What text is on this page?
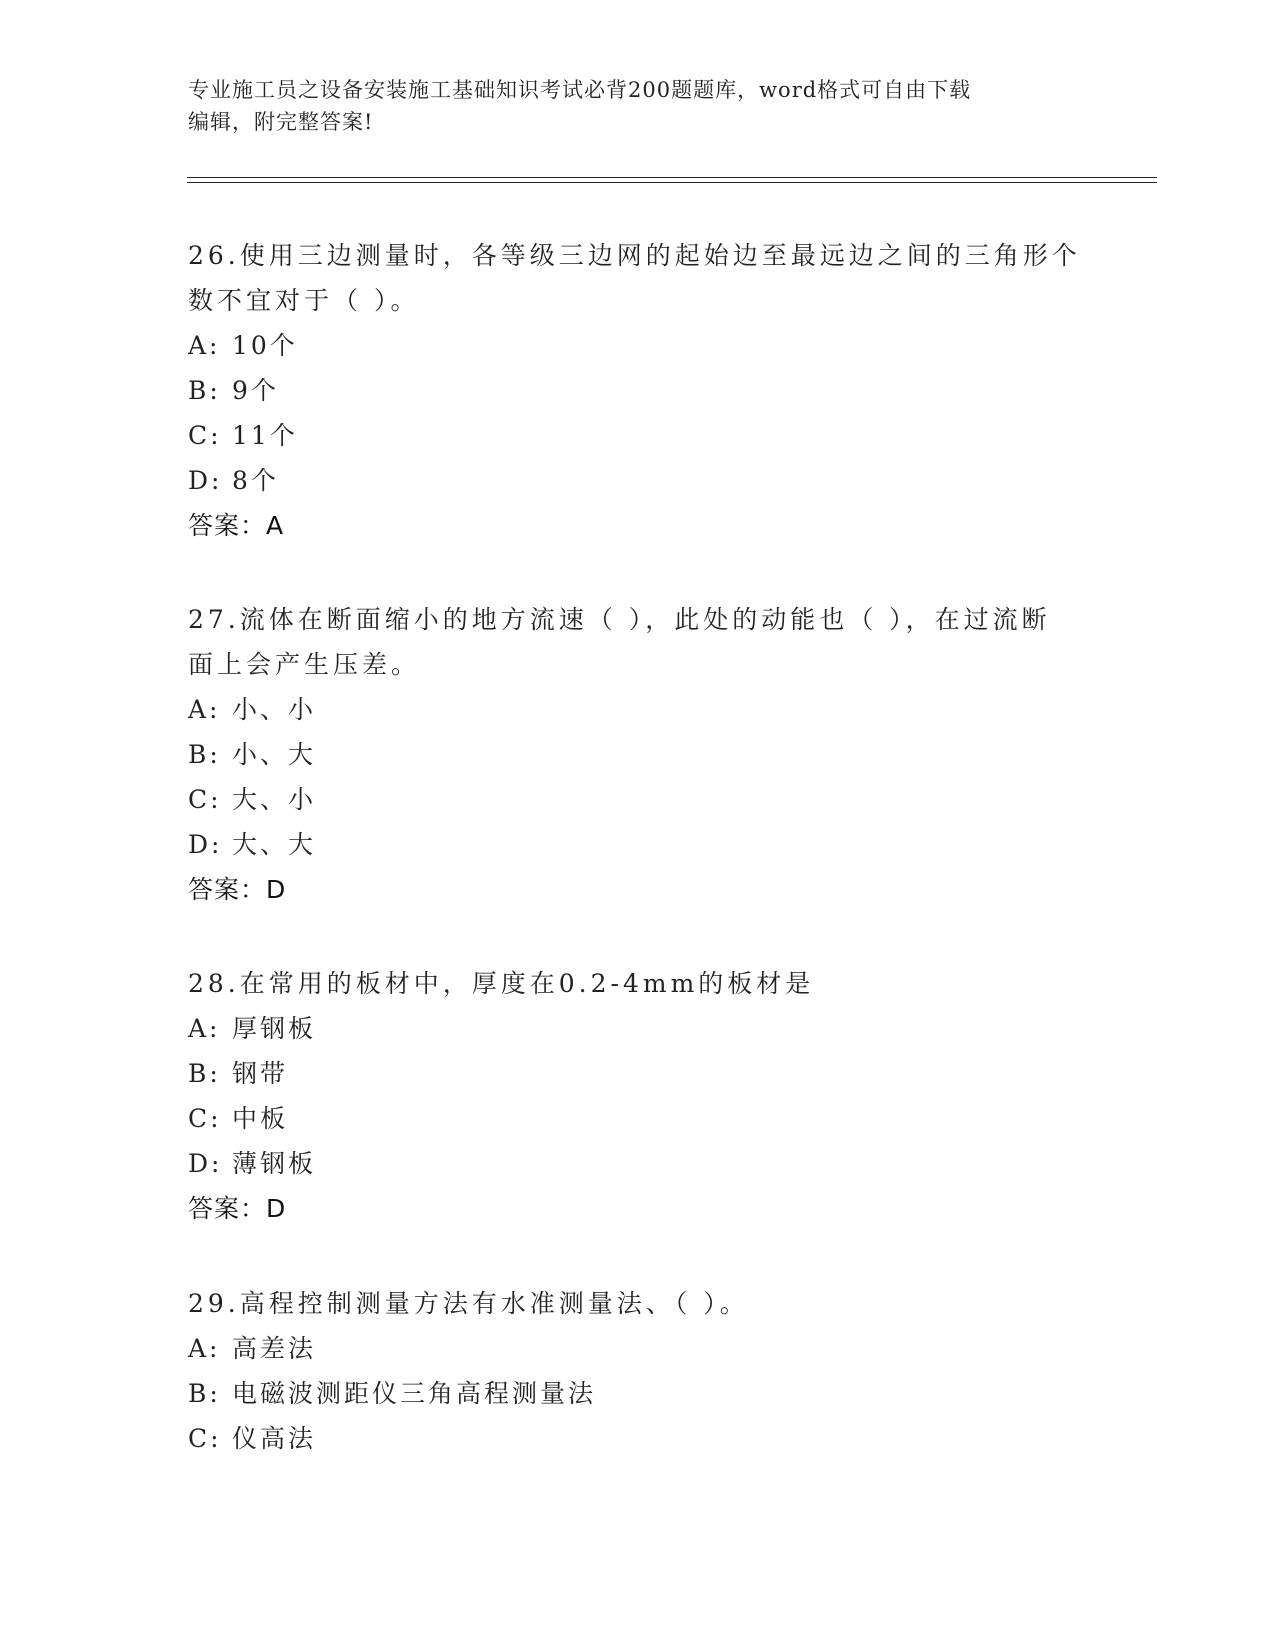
专业施工员之设备安装施工基础知识考试必背200题题库，word格式可自由下载
编辑，附完整答案!

26.使用三边测量时，各等级三边网的起始边至最远边之间的三角形个
数不宜对于（ ）。

A: 10个

B: 9个

C: 11个

D: 8个

答案：A

27.流体在断面缩小的地方流速（ ），此处的动能也（ ），在过流断
面上会产生压差。

A: 小、小

B: 小、大

C: 大、小

D: 大、大

答案：D

28.在常用的板材中，厚度在0.2-4mm的板材是

A: 厚钢板

B: 钢带

C: 中板

D: 薄钢板

答案：D

29.高程控制测量方法有水准测量法、（ ）。

A: 高差法

B: 电磁波测距仪三角高程测量法

C: 仪高法
